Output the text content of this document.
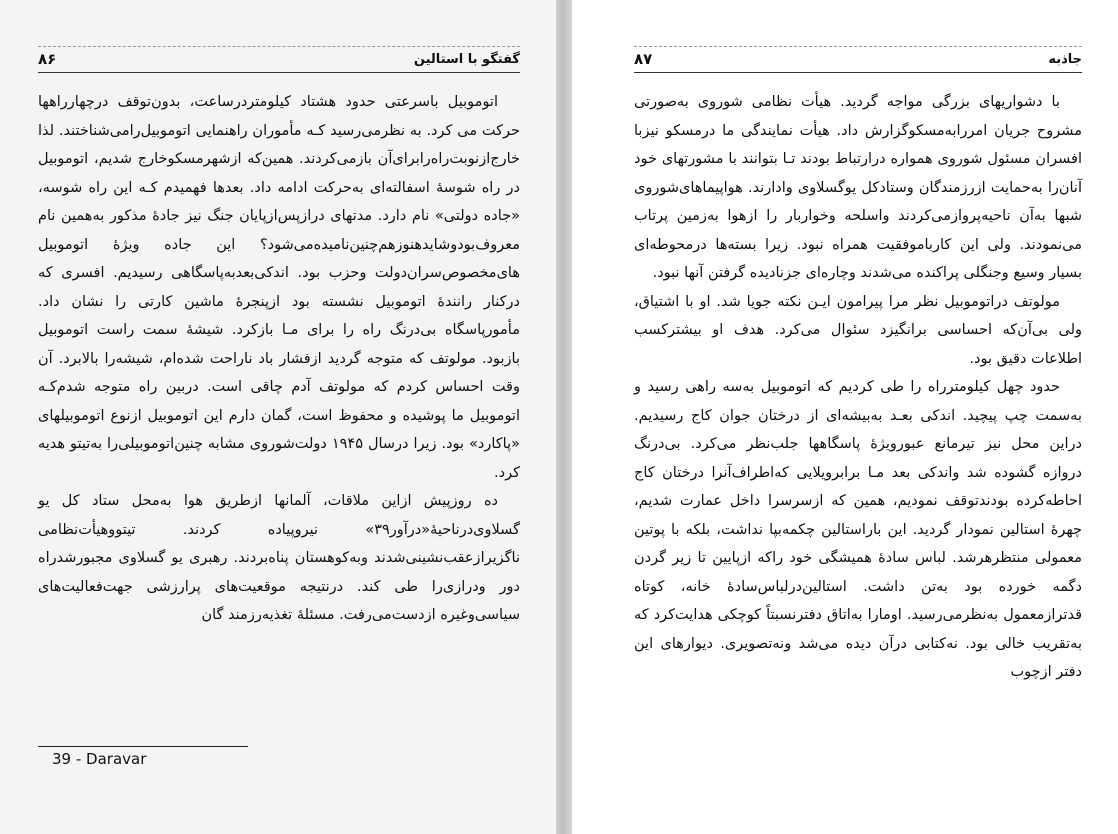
گفتگو با استالین
۸۶

اتوموبیل باسرعتی حدود هشتاد کیلومتردرساعت، بدون‌توقف درچهارراهها حرکت می کرد. به نظرمی‌رسید کـه مأموران راهنمایی اتوموبیل‌رامی‌شناختند. لذا خارج‌ازنوبت‌راه‌رابرای‌آن بازمی‌کردند. همین‌که ازشهرمسکوخارج شدیم، اتوموبیل در راه شوسهٔ اسفالته‌ای به‌حرکت ادامه داد. بعدها فهمیدم کـه این راه شوسه، «جاده دولتی» نام دارد. مدتهای درازپس‌ازپایان جنگ نیز جادهٔ مذکور به‌همین نام معروف‌بودوشایدهنوزهم‌چنین‌نامیده‌می‌شود؟ این جاده ویژهٔ اتوموبیل های‌مخصوص‌سران‌دولت وحزب بود. اندکی‌بعدبه‌پاسگاهی رسیدیم. افسری که درکنار رانندهٔ اتوموبیل نشسته بود ازپنجرهٔ ماشین کارتی را نشان داد. مأمورپاسگاه بی‌درنگ راه را برای مـا بازکرد. شیشهٔ سمت راست اتوموبیل بازبود. مولوتف که متوجه گردید ازفشار باد ناراحت شده‌ام، شیشه‌را بالابرد. آن وقت احساس کردم که مولوتف آدم چاقی است. دربین راه متوجه شدم‌کـه اتوموبیل ما پوشیده و محفوظ است، گمان دارم این اتوموبیل ازنوع اتوموبیلهای «پاکارد» بود. زیرا درسال ۱۹۴۵ دولت‌شوروی مشابه چنین‌اتوموبیلی‌را به‌تیتو هدیه کرد.

ده روزپیش ازاین ملاقات، آلمانها ازطریق هوا به‌محل ستاد کل یو گسلاوی‌درناحیهٔ«درآور۳۹» نیروپیاده کردند. تیتووهیأت‌نظامی ناگزیرازعقب‌نشینی‌شدند وبه‌کوهستان پناه‌بردند. رهبری یو گسلاوی مجبورشدراه دور ودرازی‌را طی کند. درنتیجه موقعیت‌های پرارزشی جهت‌فعالیت‌های سیاسی‌وغیره ازدست‌می‌رفت. مسئلهٔ تغذیه‌رزمند گان

39 - Daravar
جاذبه
۸۷

با دشواریهای بزرگی مواجه گردید. هیأت نظامی شوروی به‌صورتی مشروح جریان امررابه‌مسکوگزارش داد. هیأت نمایندگی ما درمسکو نیزبا افسران مسئول شوروی همواره درارتباط بودند تـا بتوانند با مشورتهای خود آنان‌را به‌حمایت ازرزمندگان وستادکل یوگسلاوی وادارند. هواپیماهای‌شوروی شبها به‌آن ناحیه‌پروازمی‌کردند واسلحه وخواربار را ازهوا به‌زمین پرتاب می‌نمودند. ولی این کاربا‌موفقیت همراه نبود. زیرا بسته‌ها درمحوطه‌ای بسیار وسیع وجنگلی پراکنده می‌شدند وچاره‌ای جزنادیده گرفتن آنها نبود.

مولوتف دراتوموبیل نظر مرا پیرامون ایـن نکته جویا شد. او با اشتیاق، ولی بی‌آن‌که احساسی برانگیزد سئوال می‌کرد. هدف او بیشترکسب اطلاعات دقیق بود.

حدود چهل کیلومترراه را طی کردیم که اتوموبیل به‌سه راهی رسید و به‌سمت چپ پیچید. اندکی بعـد به‌بیشه‌ای از درختان جوان کاج رسیدیم. دراین محل نیز تیرمانع عبورویژهٔ پاسگاهها جلب‌نظر می‌کرد. بی‌درنگ دروازه گشوده شد واندکی بعد مـا برابرویلایی که‌اطراف‌آنرا درختان کاج احاطه‌کرده بودندتوقف نمودیم، همین که ازسرسرا داخل عمارت شدیم، چهرهٔ استالین نمودار گردید. این باراستالین چکمه‌بپا نداشت، بلکه با پوتین معمولی منتظرهرشد. لباس سادهٔ همیشگی خود راکه ازپایین تا زیر گردن دگمه خورده بود به‌تن داشت. استالین‌درلباس‌سادهٔ خانه، کوتاه قدترازمعمول به‌نظرمی‌رسید. اومارا به‌اتاق دفترنسبتاً کوچکی هدایت‌کرد که به‌تقریب خالی بود. نه‌کتابی درآن دیده می‌شد ونه‌تصویری. دیوارهای این دفتر ازچوب
